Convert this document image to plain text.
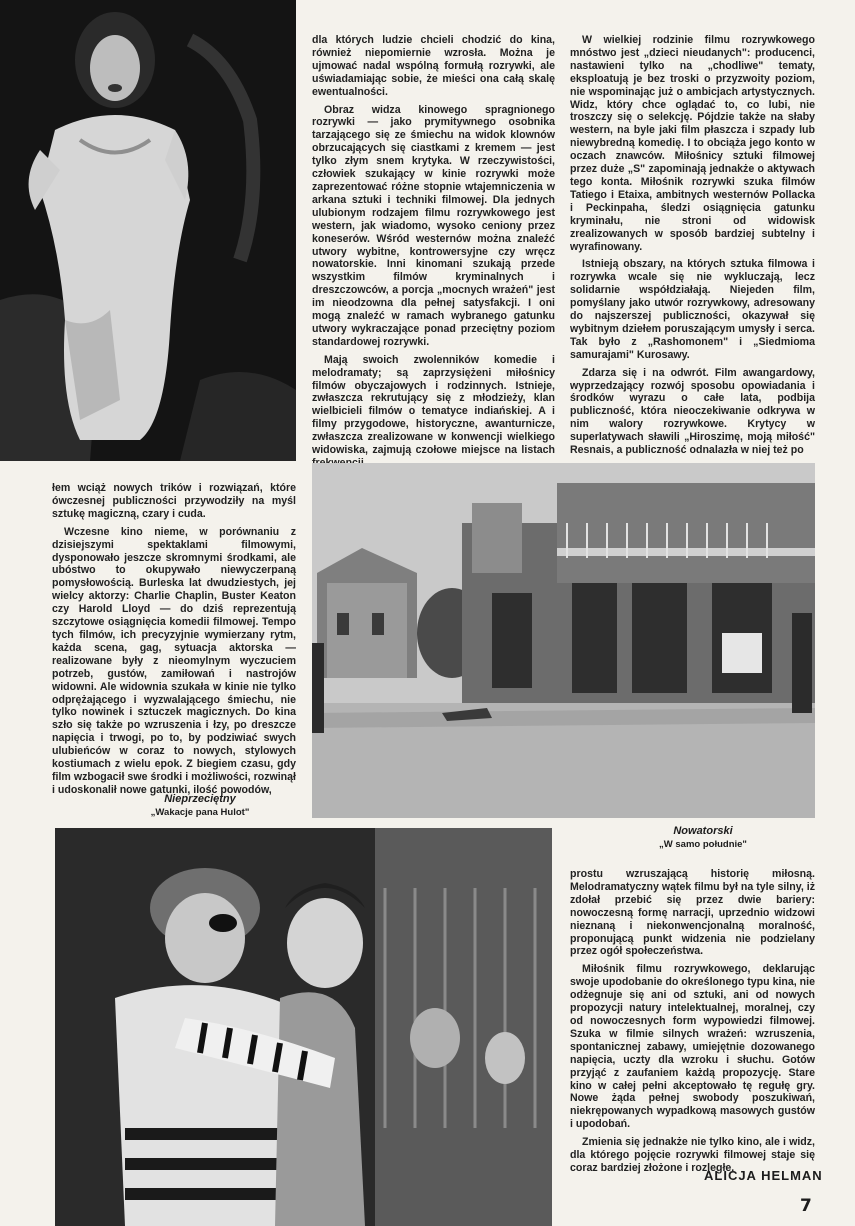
dla których ludzie chcieli chodzić do kina, również niepomiernie wzrosła. Można je ujmować nadal wspólną formułą rozrywki, ale uświadamiając sobie, że mieści ona całą skalę ewentualności.

Obraz widza kinowego spragnionego rozrywki — jako prymitywnego osobnika tarzającego się ze śmiechu na widok klownów obrzucających się ciastkami z kremem — jest tylko złym snem krytyka. W rzeczywistości, człowiek szukający w kinie rozrywki może zaprezentować różne stopnie wtajemniczenia w arkana sztuki i techniki filmowej. Dla jednych ulubionym rodzajem filmu rozrywkowego jest western, jak wiadomo, wysoko ceniony przez koneserów. Wśród westernów można znaleźć utwory wybitne, kontrowersyjne czy wręcz nowatorskie. Inni kinomani szukają przede wszystkim filmów kryminalnych i dreszczowców, a porcja „mocnych wrażeń" jest im nieodzowna dla pełnej satysfakcji. I oni mogą znaleźć w ramach wybranego gatunku utwory wykraczające ponad przeciętny poziom standardowej rozrywki.

Mają swoich zwolenników komedie i melodramaty; są zaprzysiężeni miłośnicy filmów obyczajowych i rodzinnych. Istnieje, zwłaszcza rekrutujący się z młodzieży, klan wielbicieli filmów o tematyce indiańskiej. A i filmy przygodowe, historyczne, awanturnicze, zwłaszcza zrealizowane w konwencji wielkiego widowiska, zajmują czołowe miejsce na listach

W wielkiej rodzinie filmu rozrywkowego mnóstwo jest „dzieci nieudanych": producenci, nastawieni tylko na „chodliwe" tematy, eksploatują je bez troski o przyzwoity poziom, nie wspominając już o ambicjach artystycznych. Widz, który chce oglądać to, co lubi, nie troszczy się o selekcję. Pójdzie także na słaby western, na byle jaki film płaszcza i szpady lub niewybredną komedię. I to obciąża jego konto w oczach znawców. Miłośnicy sztuki filmowej przez duże „S" zapominają jednakże o aktywach tego konta. Miłośnik rozrywki szuka filmów Tatiego i Etaixa, ambitnych westernów Pollacka i Peckinpaha, śledzi osiągnięcia gatunku kryminału, nie stroni od widowisk zrealizowanych w sposób bardziej subtelny i wyrafinowany.

Istnieją obszary, na których sztuka filmowa i rozrywka wcale się nie wykluczają, lecz solidarnie współdziałają. Niejeden film, pomyślany jako utwór rozrywkowy, adresowany do najszerszej publiczności, okazywał się wybitnym dziełem poruszającym umysły i serca. Tak było z „Rashomonem" i „Siedmioma samurajami" Kurosawy.

Zdarza się i na odwrót. Film awangardowy, wyprzedzający rozwój sposobu opowiadania i środków wyrazu o całe lata, podbija publiczność, która nieoczekiwanie odkrywa w nim walory rozrywkowe. Krytycy w superlatywach sławili „Hiroszimę, moją miłość" Resnais, a publiczność odnalazła w niej też po

łem wciąż nowych trików i rozwiązań, które ówczesnej publiczności przywodziły na myśl sztukę magiczną, czary i cuda.

Wczesne kino nieme, w porównaniu z dzisiejszymi spektaklami filmowymi, dysponowało jeszcze skromnymi środkami, ale ubóstwo to okupywało niewyczerpaną pomysłowością. Burleska lat dwudziestych, jej wielcy aktorzy: Charlie Chaplin, Buster Keaton czy Harold Lloyd — do dziś reprezentują szczytowe osiągnięcia komedii filmowej. Tempo tych filmów, ich precyzyjnie wymierzany rytm, każda scena, gag, sytuacja aktorska — realizowane były z nieomylnym wyczuciem potrzeb, gustów, zamiłowań i nastrojów widowni. Ale widownia szukała w kinie nie tylko odprężającego i wyzwalającego śmiechu, nie tylko nowinek i sztuczek magicznych. Do kina szło się także po wzruszenia i łzy, po dreszcze napięcia i trwogi, po to, by podziwiać swych ulubieńców w coraz to nowych, stylowych kostiumach z wielu epok. Z biegiem czasu, gdy film wzbogacił swe środki i możliwości, rozwinął i udoskonalił nowe gatunki, ilość powodów,

Nieprzeciętny
„Wakacje pana Hulot"
Nowatorski
„W samo południe"

prostu wzruszającą historię miłosną. Melodramatyczny wątek filmu był na tyle silny, iż zdołał przebić się przez dwie bariery: nowoczesną formę narracji, uprzednio widzowi nieznaną i niekonwencjonalną moralność, proponującą punkt widzenia nie podzielany przez ogół społeczeństwa.

Miłośnik filmu rozrywkowego, deklarując swoje upodobanie do określonego typu kina, nie odżegnuje się ani od sztuki, ani od nowych propozycji natury intelektualnej, moralnej, czy od nowoczesnych form wypowiedzi filmowej. Szuka w filmie silnych wrażeń: wzruszenia, spontanicznej zabawy, umiejętnie dozowanego napięcia, uczty dla wzroku i słuchu. Gotów przyjąć z zaufaniem każdą propozycję. Stare kino w całej pełni akceptowało tę regułę gry. Nowe żąda pełnej swobody poszukiwań, niekrępowanych wypadkową masowych gustów i upodobań.

Zmienia się jednakże nie tylko kino, ale i widz, dla którego pojęcie rozrywki filmowej staje się coraz bardziej złożone i rozległe.

ALICJA HELMAN
7
